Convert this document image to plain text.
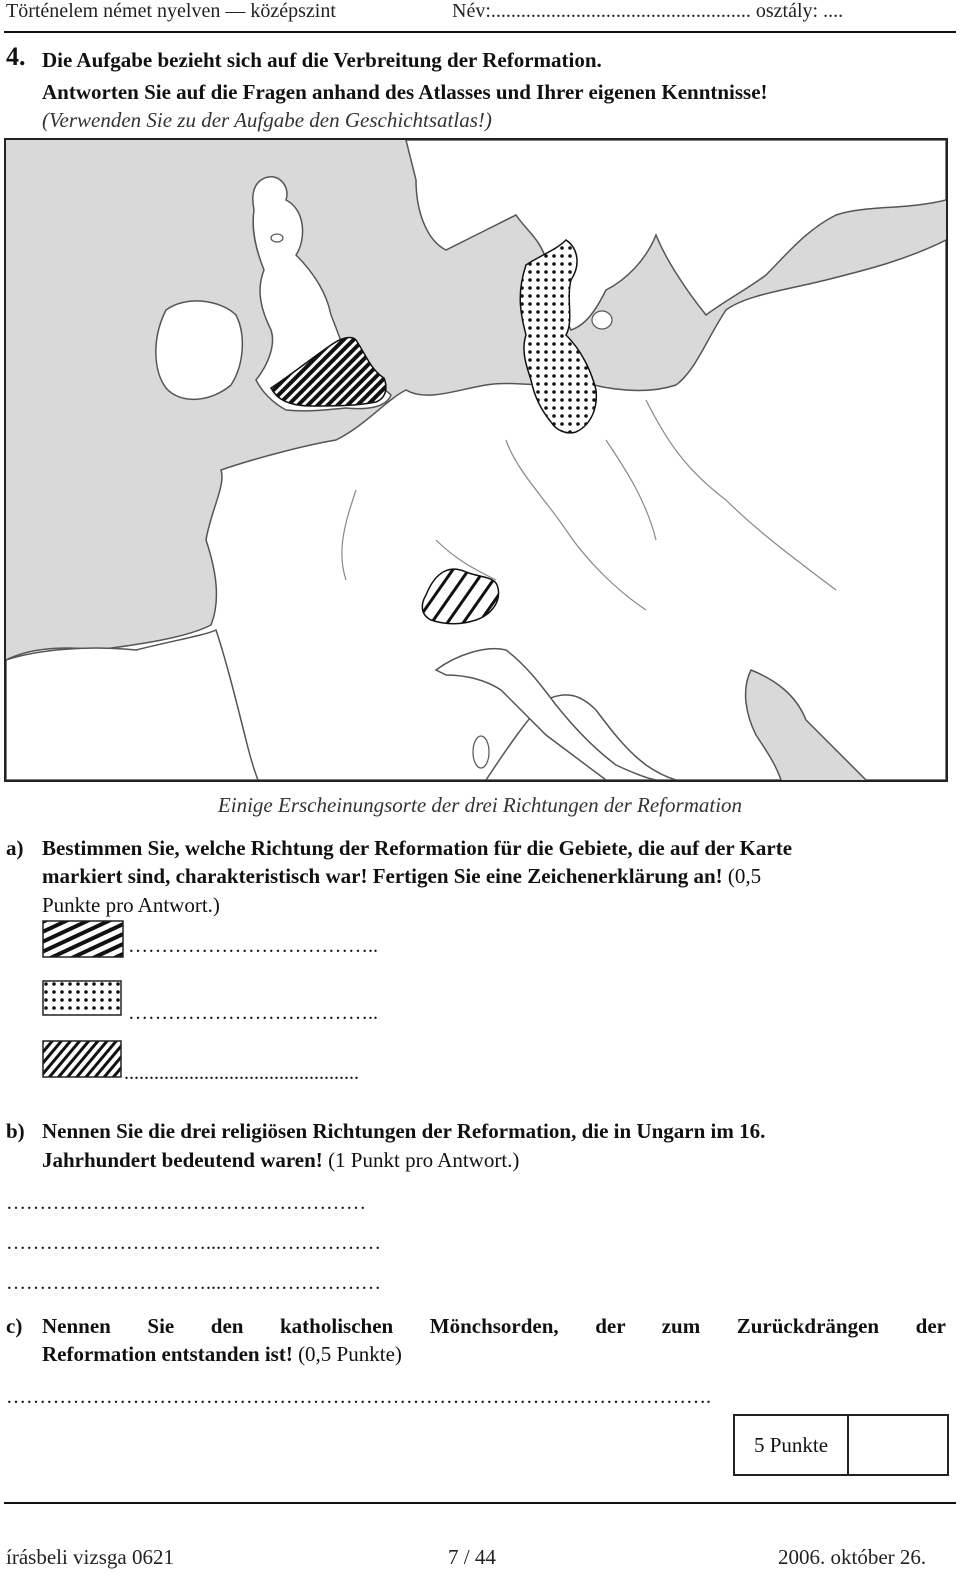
Történelem német nyelven — középszint	Név:.................................................... osztály: ....
4. Die Aufgabe bezieht sich auf die Verbreitung der Reformation.
Antworten Sie auf die Fragen anhand des Atlasses und Ihrer eigenen Kenntnisse!
(Verwenden Sie zu der Aufgabe den Geschichtsatlas!)
Einige Erscheinungsorte der drei Richtungen der Reformation
a) Bestimmen Sie, welche Richtung der Reformation für die Gebiete, die auf der Karte
markiert sind, charakteristisch war! Fertigen Sie eine Zeichenerklärung an! (0,5
Punkte pro Antwort.)
………………………………..
………………………………..
...............................................
b) Nennen Sie die drei religiösen Richtungen der Reformation, die in Ungarn im 16.
Jahrhundert bedeutend waren! (1 Punkt pro Antwort.)
………………………………………………
…………………………...……………………
…………………………...……………………
c) Nennen Sie den katholischen Mönchsorden, der zum Zurückdrängen der
Reformation entstanden ist! (0,5 Punkte)
…………………………………………………………………………………………….
5 Punkte
írásbeli vizsga 0621	7 / 44	2006. október 26.
